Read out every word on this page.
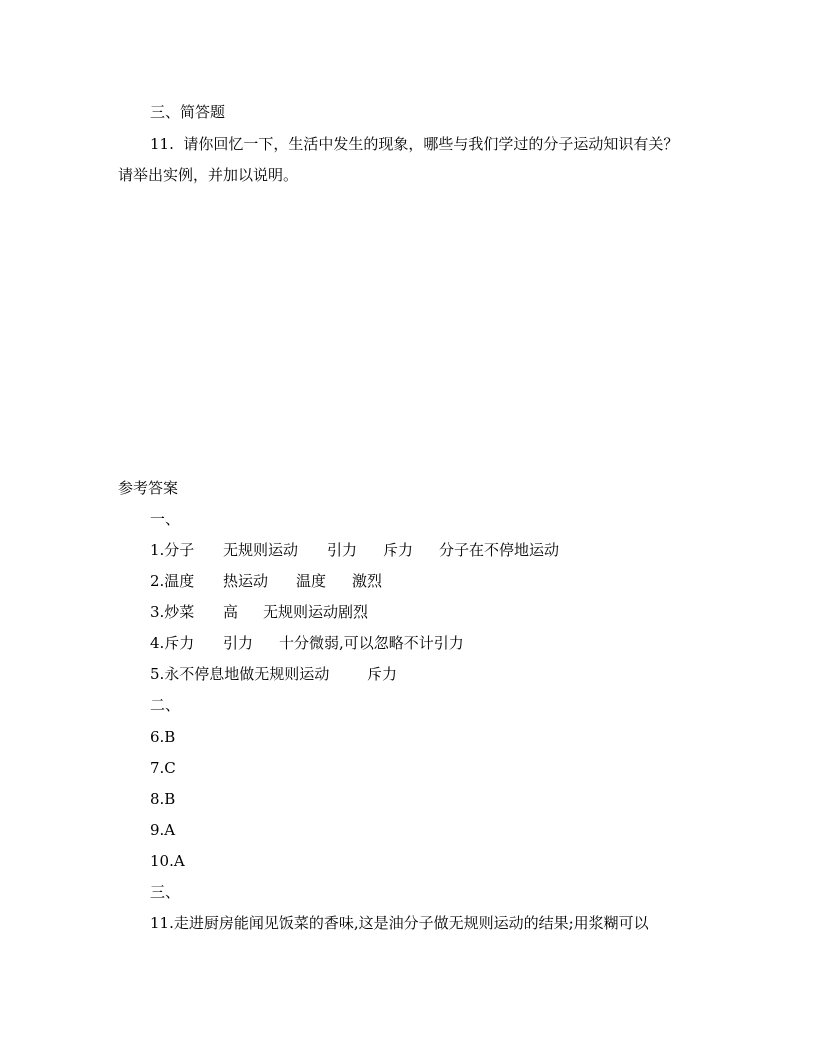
三、简答题
11.  请你回忆一下，生活中发生的现象，哪些与我们学过的分子运动知识有关？
请举出实例，并加以说明。
参考答案
一、
1.分子	无规则运动	引力	斥力	分子在不停地运动
2.温度	热运动	温度	激烈
3.炒菜	高	无规则运动剧烈
4.斥力	引力	十分微弱,可以忽略不计引力
5.永不停息地做无规则运动	斥力
二、
6.B
7.C
8.B
9.A
10.A
三、
11.走进厨房能闻见饭菜的香味,这是油分子做无规则运动的结果;用浆糊可以
